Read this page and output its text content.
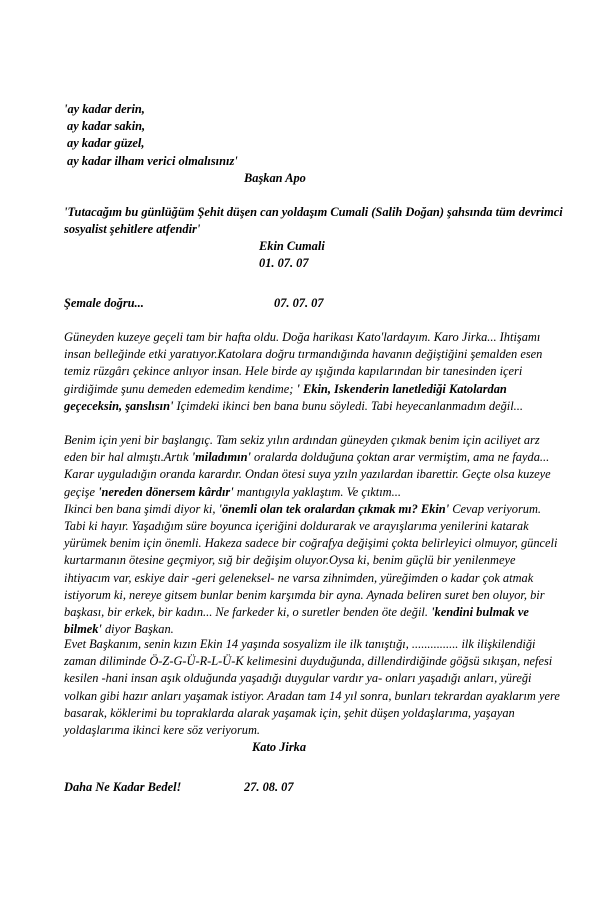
'ay kadar derin,
ay kadar sakin,
ay kadar güzel,
ay kadar ilham verici olmalısınız'
Başkan Apo

'Tutacağım bu günlüğüm Şehit düşen can yoldaşım Cumali (Salih Doğan) şahsında tüm devrimci sosyalist şehitlere atfendir'

Ekin Cumali
01. 07. 07
Şemale doğru...	07. 07. 07

Güneyden kuzeye geçeli tam bir hafta oldu. Doğa harikası Kato'lardayım. Karo Jirka... Ihtişamı insan belleğinde etki yaratıyor.Katolara doğru tırmandığında havanın değiştiğini şemalden esen temiz rüzgârı çekince anlıyor insan. Hele birde ay ışığında kapılarından bir tanesinden içeri girdiğimde şunu demeden edemedim kendime; ' Ekin, Iskenderin lanetlediği Katolardan geçeceksin, şanslısın' Içimdeki ikinci ben bana bunu söyledi. Tabi heyecanlanmadım değil...

Benim için yeni bir başlangıç. Tam sekiz yılın ardından güneyden çıkmak benim için aciliyet arz eden bir hal almıştı.Artık 'miladımın' oralarda dolduğuna çoktan arar vermiştim, ama ne fayda... Karar uyguladığın oranda karardır. Ondan ötesi suya yzıln yazılardan ibarettir. Geçte olsa kuzeye geçişe 'nereden dönersem kârdır' mantıgıyla yaklaştım. Ve çıktım...

Ikinci ben bana şimdi diyor ki, 'önemli olan tek oralardan çıkmak mı? Ekin' Cevap veriyorum. Tabi ki hayır. Yaşadığım süre boyunca içeriğini doldurarak ve arayışlarıma yenilerini katarak yürümek benim için önemli. Hakeza sadece bir coğrafya değişimi çokta belirleyici olmuyor, günceli kurtarmanın ötesine geçmiyor, sığ bir değişim oluyor.Oysa ki, benim güçlü bir yenilenmeye ihtiyacım var, eskiye dair -geri geleneksel- ne varsa zihnimden, yüreğimden o kadar çok atmak istiyorum ki, nereye gitsem bunlar benim karşımda bir ayna. Aynada beliren suret ben oluyor, bir başkası, bir erkek, bir kadın... Ne farkeder ki, o suretler benden öte değil. 'kendini bulmak ve bilmek' diyor Başkan.

Evet Başkanım, senin kızın Ekin 14 yaşında sosyalizm ile ilk tanıştığı, ............... ilk ilişkilendiği zaman diliminde Ö-Z-G-Ü-R-L-Ü-K kelimesini duyduğunda, dillendirdiğinde göğsü sıkışan, nefesi kesilen -hani insan aşık olduğunda yaşadığı duygular vardır ya- onları yaşadığı anları, yüreği volkan gibi hazır anları yaşamak istiyor. Aradan tam 14 yıl sonra, bunları tekrardan ayaklarım yere basarak, köklerimi bu topraklarda alarak yaşamak için, şehit düşen yoldaşlarıma, yaşayan yoldaşlarıma ikinci kere söz veriyorum.

Kato Jirka
Daha Ne Kadar Bedel!	27. 08. 07
